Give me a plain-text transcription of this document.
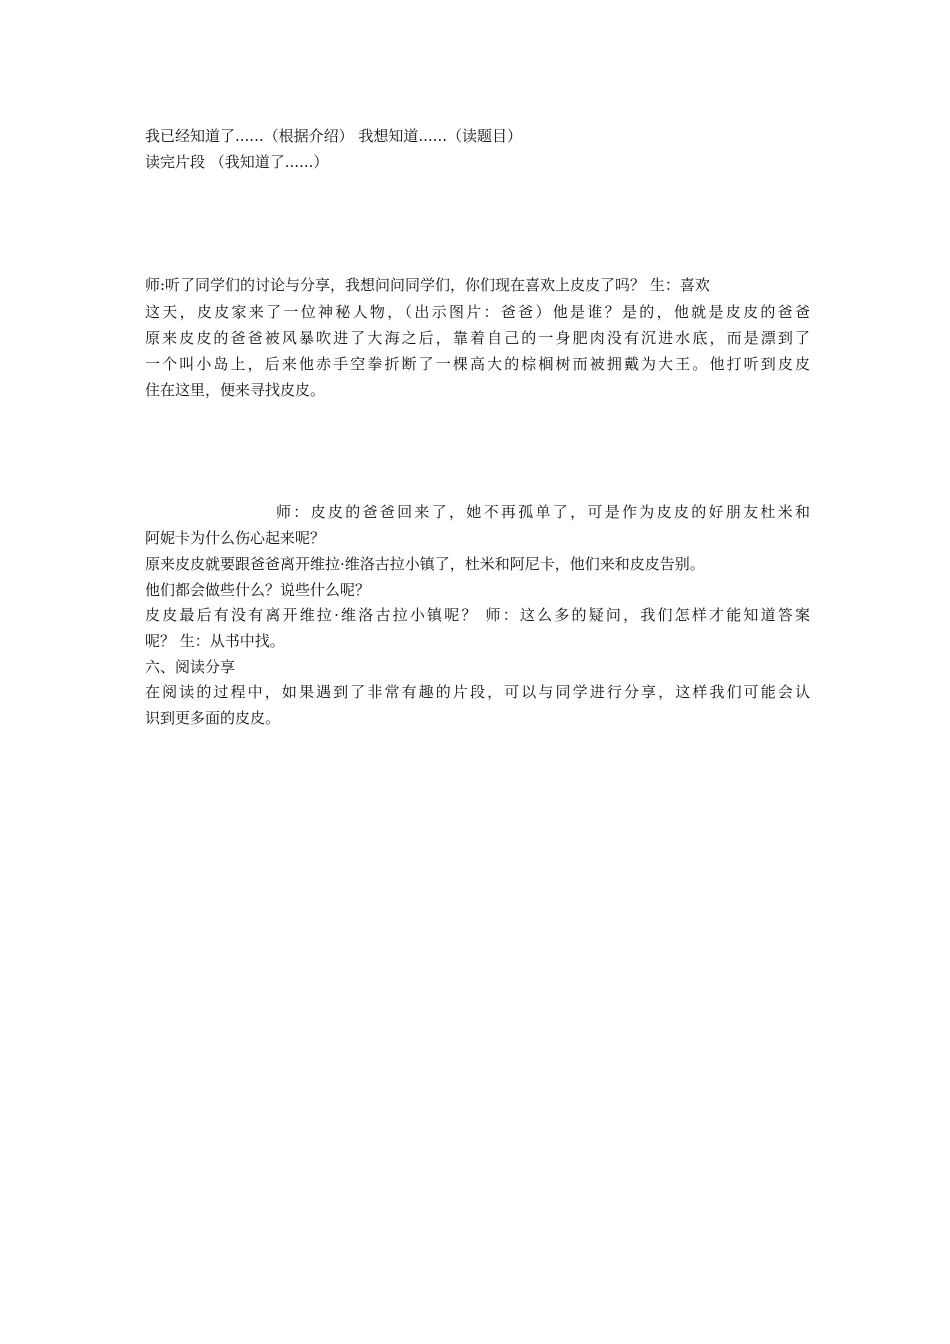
我已经知道了......（根据介绍） 我想知道......（读题目）
读完片段 （我知道了......）
师:听了同学们的讨论与分享，我想问问同学们，你们现在喜欢上皮皮了吗？ 生：喜欢
这天，皮皮家来了一位神秘人物，（出示图片：爸爸）他是谁？是的，他就是皮皮的爸爸
原来皮皮的爸爸被风暴吹进了大海之后，靠着自己的一身肥肉没有沉进水底，而是漂到了
一个叫小岛上，后来他赤手空拳折断了一棵高大的棕榈树而被拥戴为大王。他打听到皮皮
住在这里，便来寻找皮皮。
师：皮皮的爸爸回来了，她不再孤单了，可是作为皮皮的好朋友杜米和
阿妮卡为什么伤心起来呢？
原来皮皮就要跟爸爸离开维拉·维洛古拉小镇了，杜米和阿尼卡，他们来和皮皮告别。
他们都会做些什么？说些什么呢？
皮皮最后有没有离开维拉·维洛古拉小镇呢？ 师：这么多的疑问，我们怎样才能知道答案
呢？ 生：从书中找。
六、阅读分享
在阅读的过程中，如果遇到了非常有趣的片段，可以与同学进行分享，这样我们可能会认
识到更多面的皮皮。
